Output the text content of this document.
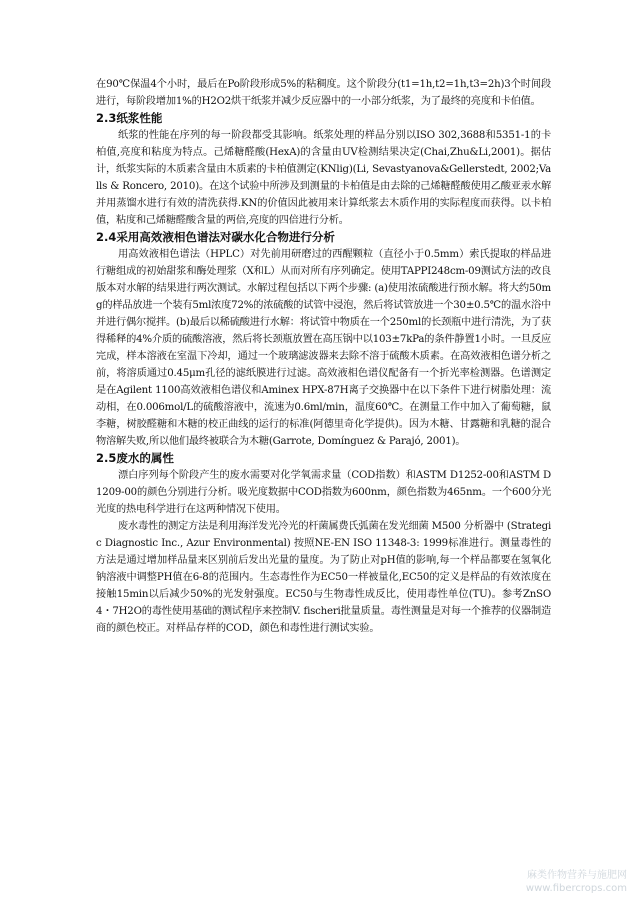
在90℃保温4个小时，最后在Po阶段形成5%的粘稠度。这个阶段分(t1=1h,t2=1h,t3=2h)3个时间段进行，每阶段增加1%的H2O2烘干纸浆并减少反应器中的一小部分纸浆，为了最终的亮度和卡伯值。

2.3纸浆性能

纸浆的性能在序列的每一阶段都受其影响。纸浆处理的样品分别以ISO 302,3688和5351-1的卡柏值,亮度和粘度为特点。己烯糖醛酸(HexA)的含量由UV检测结果决定(Chai,Zhu&Li,2001)。据估计，纸浆实际的木质素含量由木质素的卡柏值测定(KNlig)(Li, Sevastyanova&Gellerstedt, 2002;Valls & Roncero, 2010)。在这个试验中所涉及到测量的卡柏值是由去除的己烯糖醛酸使用乙酸亚汞水解并用蒸馏水进行有效的清洗获得.KN的价值因此被用来计算纸浆去木质作用的实际程度而获得。以卡柏值，粘度和己烯糖醛酸含量的两倍,亮度的四倍进行分析。

2.4采用高效液相色谱法对碳水化合物进行分析

用高效液相色谱法（HPLC）对先前用研磨过的西醒颗粒（直径小于0.5mm）索氏提取的样品进行糖组成的初始甜浆和酶处理浆（X和L）从而对所有序列确定。使用TAPPI248cm-09测试方法的改良版本对水解的结果进行两次测试。水解过程包括以下两个步骤: (a)使用浓硫酸进行预水解。将大约50mg的样品放进一个装有5ml浓度72%的浓硫酸的试管中浸泡，然后将试管放进一个30±0.5℃的温水浴中并进行偶尔搅拌。(b)最后以稀硫酸进行水解：将试管中物质在一个250ml的长颈瓶中进行清洗，为了获得稀释的4%介质的硫酸溶液，然后将长颈瓶放置在高压锅中以103±7kPa的条件静置1小时。一旦反应完成，样本溶液在室温下冷却，通过一个玻璃滤波器来去除不溶于硫酸木质素。在高效液相色谱分析之前，将溶质通过0.45μm孔径的滤纸膜进行过滤。高效液相色谱仪配备有一个折光率检测器。色谱测定是在Agilent 1100高效液相色谱仪和Aminex HPX-87H离子交换器中在以下条件下进行树脂处理：流动相，在0.006mol/L的硫酸溶液中，流速为0.6ml/min，温度60℃。在测量工作中加入了葡萄糖，鼠李糖，树胶醛糖和木糖的校正曲线的运行的标准(阿德里奇化学提供)。因为木糖、甘露糖和乳糖的混合物溶解失败,所以他们最终被联合为木糖(Garrote, Domínguez & Parajó, 2001)。

2.5废水的属性

漂白序列每个阶段产生的废水需要对化学氧需求量（COD指数）和ASTM D1252-00和ASTM D1209-00的颜色分别进行分析。吸光度数据中COD指数为600nm，颜色指数为465nm。一个600分光光度的热电科学进行在这两种情况下使用。

废水毒性的测定方法是利用海洋发光冷光的杆菌属费氏弧菌在发光细菌 M500 分析器中 (Strategic Diagnostic Inc., Azur Environmental) 按照NE-EN ISO 11348-3: 1999标准进行。测量毒性的方法是通过增加样品量来区别前后发出光量的量度。为了防止对pH值的影响,每一个样品都要在氢氧化钠溶液中调整PH值在6-8的范围内。生态毒性作为EC50一样被量化,EC50的定义是样品的有效浓度在接触15min以后减少50%的光发射强度。EC50与生物毒性成反比，使用毒性单位(TU)。参考ZnSO4・7H2O的毒性使用基础的测试程序来控制V. fischeri批量质量。毒性测量是对每一个推荐的仪器制造商的颜色校正。对样品存样的COD，颜色和毒性进行测试实验。

麻类作物营养与施肥网
www.fibercrops.com
